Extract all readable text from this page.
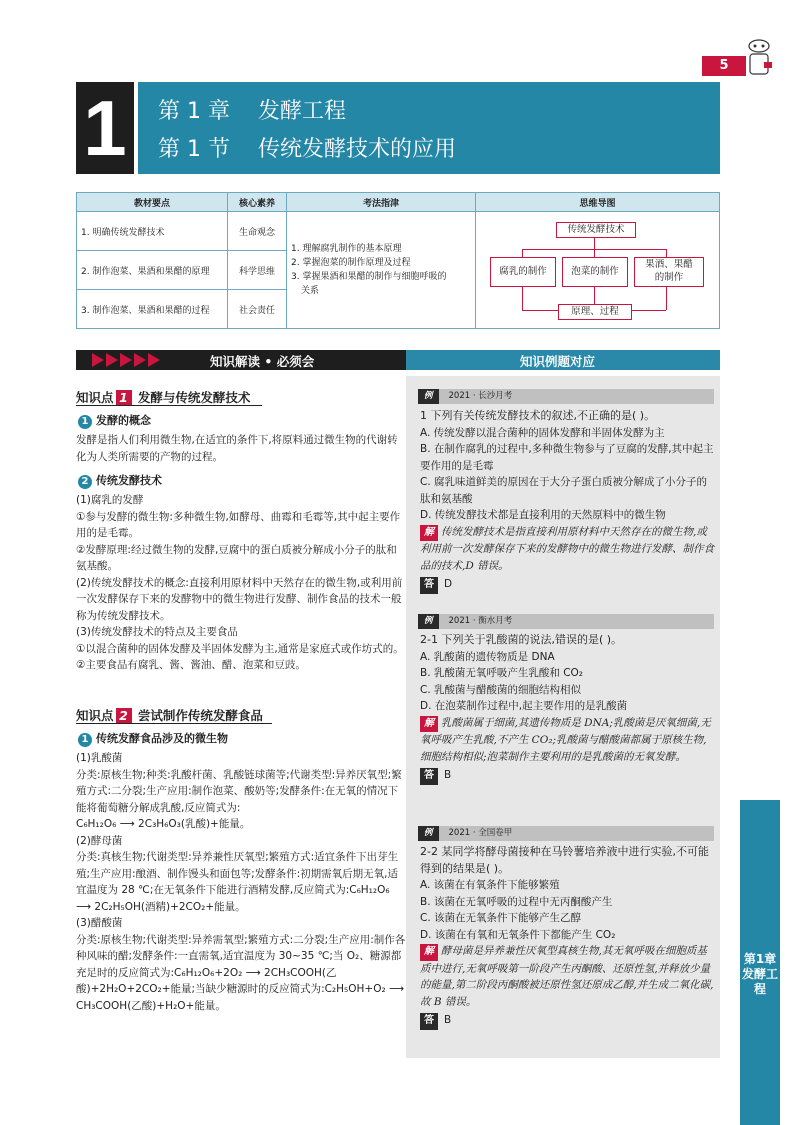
5
1	第 1 章    发酵工程
第 1 节    传统发酵技术的应用
教材要点	核心素养	考法指津	思维导图
1. 明确传统发酵技术	生命观念	1. 理解腐乳制作的基本原理
2. 掌握泡菜的制作原理及过程
3. 掌握果酒和果醋的制作与细胞呼吸的
关系	

2. 制作泡菜、果酒和果醋的原理	科学思维		
3. 制作泡菜、果酒和果醋的过程	社会责任		
传统发酵技术
腐乳的制作	泡菜的制作
果酒、果醋
的制作
原理、过程
知识解读 • 必须会	知识例题对应
知识点 1 发酵与传统发酵技术
1 发酵的概念
发酵是指人们利用微生物,在适宜的条件下,将原料通过微生物的代谢转化为人类所需要的产物的过程。
2 传统发酵技术
(1)腐乳的发酵
①参与发酵的微生物:多种微生物,如酵母、曲霉和毛霉等,其中起主要作用的是毛霉。
②发酵原理:经过微生物的发酵,豆腐中的蛋白质被分解成小分子的肽和氨基酸。
(2)传统发酵技术的概念:直接利用原材料中天然存在的微生物,或利用前一次发酵保存下来的发酵物中的微生物进行发酵、制作食品的技术一般称为传统发酵技术。
(3)传统发酵技术的特点及主要食品
①以混合菌种的固体发酵及半固体发酵为主,通常是家庭式或作坊式的。
②主要食品有腐乳、酱、酱油、醋、泡菜和豆豉。
知识点 2 尝试制作传统发酵食品
1 传统发酵食品涉及的微生物
(1)乳酸菌
分类:原核生物;种类:乳酸杆菌、乳酸链球菌等;代谢类型:异养厌氧型;繁殖方式:二分裂;生产应用:制作泡菜、酸奶等;发酵条件:在无氧的情况下能将葡萄糖分解成乳酸,反应简式为:
C₆H₁₂O₆ ⟶ 2C₃H₆O₃(乳酸)+能量。
(2)酵母菌
分类:真核生物;代谢类型:异养兼性厌氧型;繁殖方式:适宜条件下出芽生殖;生产应用:酿酒、制作馒头和面包等;发酵条件:初期需氧后期无氧,适宜温度为 28 ℃;在无氧条件下能进行酒精发酵,反应简式为:C₆H₁₂O₆ ⟶ 2C₂H₅OH(酒精)+2CO₂+能量。
(3)醋酸菌
分类:原核生物;代谢类型:异养需氧型;繁殖方式:二分裂;生产应用:制作各种风味的醋;发酵条件:一直需氧,适宜温度为 30~35 ℃;当 O₂、糖源都充足时的反应简式为:C₆H₁₂O₆+2O₂ ⟶ 2CH₃COOH(乙酸)+2H₂O+2CO₂+能量;当缺少糖源时的反应简式为:C₂H₅OH+O₂ ⟶ CH₃COOH(乙酸)+H₂O+能量。
例 2021 · 长沙月考
1 下列有关传统发酵技术的叙述,不正确的是( )。
A. 传统发酵以混合菌种的固体发酵和半固体发酵为主
B. 在制作腐乳的过程中,多种微生物参与了豆腐的发酵,其中起主要作用的是毛霉
C. 腐乳味道鲜美的原因在于大分子蛋白质被分解成了小分子的肽和氨基酸
D. 传统发酵技术都是直接利用的天然原料中的微生物
解 传统发酵技术是指直接利用原材料中天然存在的微生物,或利用前一次发酵保存下来的发酵物中的微生物进行发酵、制作食品的技术,D 错误。
答 D
例 2021 · 衡水月考
2-1 下列关于乳酸菌的说法,错误的是( )。
A. 乳酸菌的遗传物质是 DNA
B. 乳酸菌无氧呼吸产生乳酸和 CO₂
C. 乳酸菌与醋酸菌的细胞结构相似
D. 在泡菜制作过程中,起主要作用的是乳酸菌
解 乳酸菌属于细菌,其遗传物质是 DNA;乳酸菌是厌氧细菌,无氧呼吸产生乳酸,不产生 CO₂;乳酸菌与醋酸菌都属于原核生物,细胞结构相似;泡菜制作主要利用的是乳酸菌的无氧发酵。
答 B
例 2021 · 全国卷甲
2-2 某同学将酵母菌接种在马铃薯培养液中进行实验,不可能得到的结果是( )。
A. 该菌在有氧条件下能够繁殖
B. 该菌在无氧呼吸的过程中无丙酮酸产生
C. 该菌在无氧条件下能够产生乙醇
D. 该菌在有氧和无氧条件下都能产生 CO₂
解 酵母菌是异养兼性厌氧型真核生物,其无氧呼吸在细胞质基质中进行,无氧呼吸第一阶段产生丙酮酸、还原性氢,并释放少量的能量,第二阶段丙酮酸被还原性氢还原成乙醇,并生成二氧化碳,故 B 错误。
答 B
第1章 发酵工程
